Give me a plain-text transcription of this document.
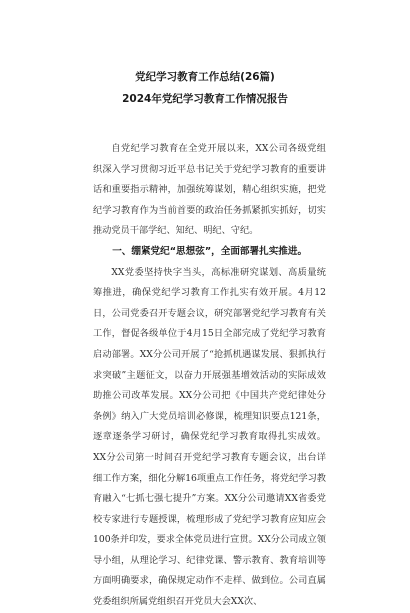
党纪学习教育工作总结(26篇)
2024年党纪学习教育工作情况报告

自党纪学习教育在全党开展以来，XX公司各级党组织深入学习贯彻习近平总书记关于党纪学习教育的重要讲话和重要指示精神，加强统筹谋划，精心组织实施，把党纪学习教育作为当前首要的政治任务抓紧抓实抓好，切实推动党员干部学纪、知纪、明纪、守纪。

一、绷紧党纪“思想弦”，全面部署扎实推进。

XX党委坚持快字当头，高标准研究谋划、高质量统筹推进，确保党纪学习教育工作扎实有效开展。4月12日，公司党委召开专题会议，研究部署党纪学习教育有关工作，督促各级单位于4月15日全部完成了党纪学习教育启动部署。XX分公司开展了“抢抓机遇谋发展、狠抓执行求突破”主题征文，以奋力开展强基增效活动的实际成效助推公司改革发展。XX分公司把《中国共产党纪律处分条例》纳入广大党员培训必修课，梳理知识要点121条，逐章逐条学习研讨，确保党纪学习教育取得扎实成效。XX分公司第一时间召开党纪学习教育专题会议，出台详细工作方案，细化分解16项重点工作任务，将党纪学习教育融入“七抓七强七提升”方案。XX分公司邀请XX省委党校专家进行专题授课，梳理形成了党纪学习教育应知应会100条并印发，要求全体党员进行宣贯。XX分公司成立领导小组，从理论学习、纪律党课、警示教育、教育培训等方面明确要求，确保规定动作不走样、做到位。公司直属党委组织所属党组织召开党员大会XX次、
